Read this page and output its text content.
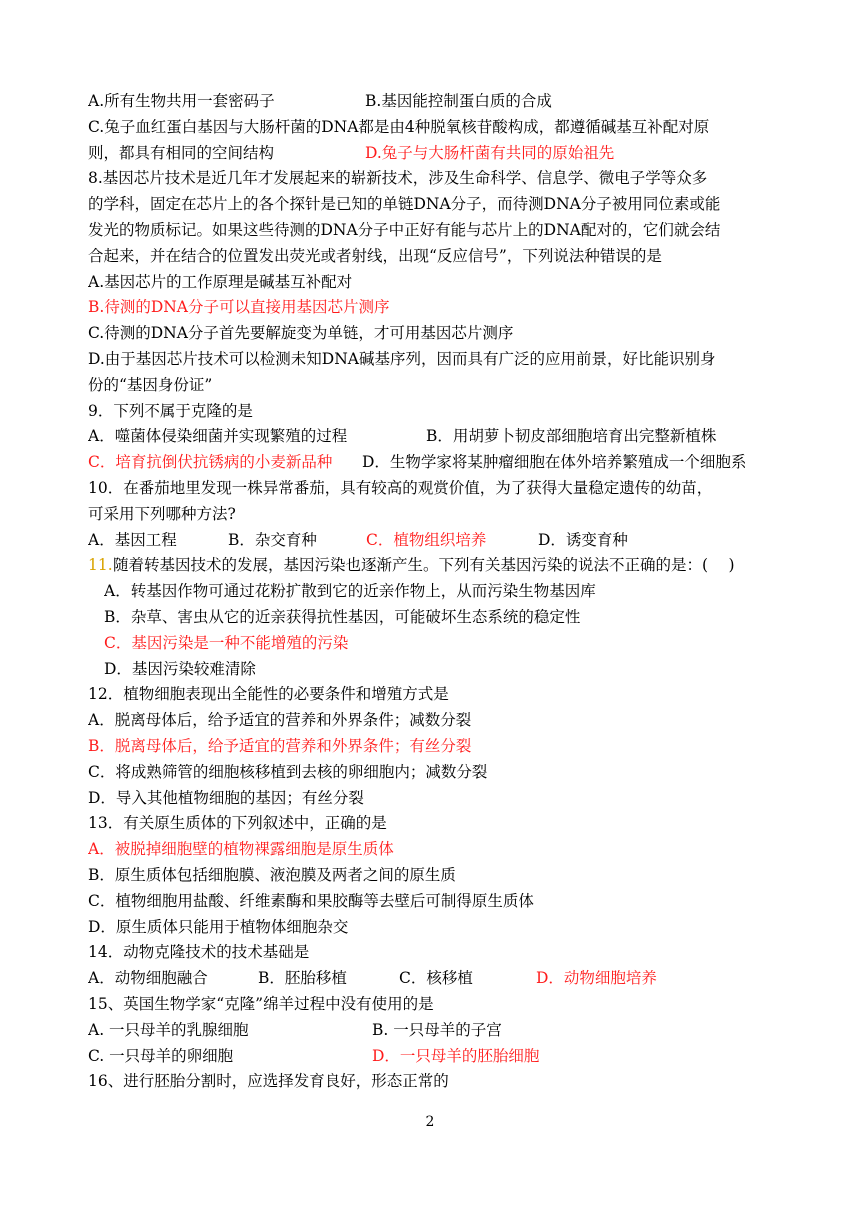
A.所有生物共用一套密码子	B.基因能控制蛋白质的合成
C.兔子血红蛋白基因与大肠杆菌的DNA都是由4种脱氧核苷酸构成，都遵循碱基互补配对原
则，都具有相同的空间结构	D.兔子与大肠杆菌有共同的原始祖先
8.基因芯片技术是近几年才发展起来的崭新技术，涉及生命科学、信息学、微电子学等众多
的学科，固定在芯片上的各个探针是已知的单链DNA分子，而待测DNA分子被用同位素或能
发光的物质标记。如果这些待测的DNA分子中正好有能与芯片上的DNA配对的，它们就会结
合起来，并在结合的位置发出荧光或者射线，出现“反应信号”，下列说法种错误的是
A.基因芯片的工作原理是碱基互补配对
B.待测的DNA分子可以直接用基因芯片测序
C.待测的DNA分子首先要解旋变为单链，才可用基因芯片测序
D.由于基因芯片技术可以检测未知DNA碱基序列，因而具有广泛的应用前景，好比能识别身
份的“基因身份证”
9．下列不属于克隆的是
A．噬菌体侵染细菌并实现繁殖的过程	B．用胡萝卜韧皮部细胞培育出完整新植株
C．培育抗倒伏抗锈病的小麦新品种 D．生物学家将某肿瘤细胞在体外培养繁殖成一个细胞系
10．在番茄地里发现一株异常番茄，具有较高的观赏价值，为了获得大量稳定遗传的幼苗，
可采用下列哪种方法?
A．基因工程	B．杂交育种	C．植物组织培养	D．诱变育种
11. 随着转基因技术的发展，基因污染也逐渐产生。下列有关基因污染的说法不正确的是：(　 )
A．转基因作物可通过花粉扩散到它的近亲作物上，从而污染生物基因库
B．杂草、害虫从它的近亲获得抗性基因，可能破坏生态系统的稳定性
C．基因污染是一种不能增殖的污染
D．基因污染较难清除
12．植物细胞表现出全能性的必要条件和增殖方式是
A．脱离母体后，给予适宜的营养和外界条件；减数分裂
B．脱离母体后，给予适宜的营养和外界条件；有丝分裂
C．将成熟筛管的细胞核移植到去核的卵细胞内；减数分裂
D．导入其他植物细胞的基因；有丝分裂
13．有关原生质体的下列叙述中，正确的是
A．被脱掉细胞壁的植物裸露细胞是原生质体
B．原生质体包括细胞膜、液泡膜及两者之间的原生质
C．植物细胞用盐酸、纤维素酶和果胶酶等去壁后可制得原生质体
D．原生质体只能用于植物体细胞杂交
14．动物克隆技术的技术基础是
A．动物细胞融合	B．胚胎移植	C．核移植	D．动物细胞培养
15、英国生物学家“克隆”绵羊过程中没有使用的是
A. 一只母羊的乳腺细胞	B. 一只母羊的子宫
C. 一只母羊的卵细胞	D．一只母羊的胚胎细胞
16、进行胚胎分割时，应选择发育良好，形态正常的
2
